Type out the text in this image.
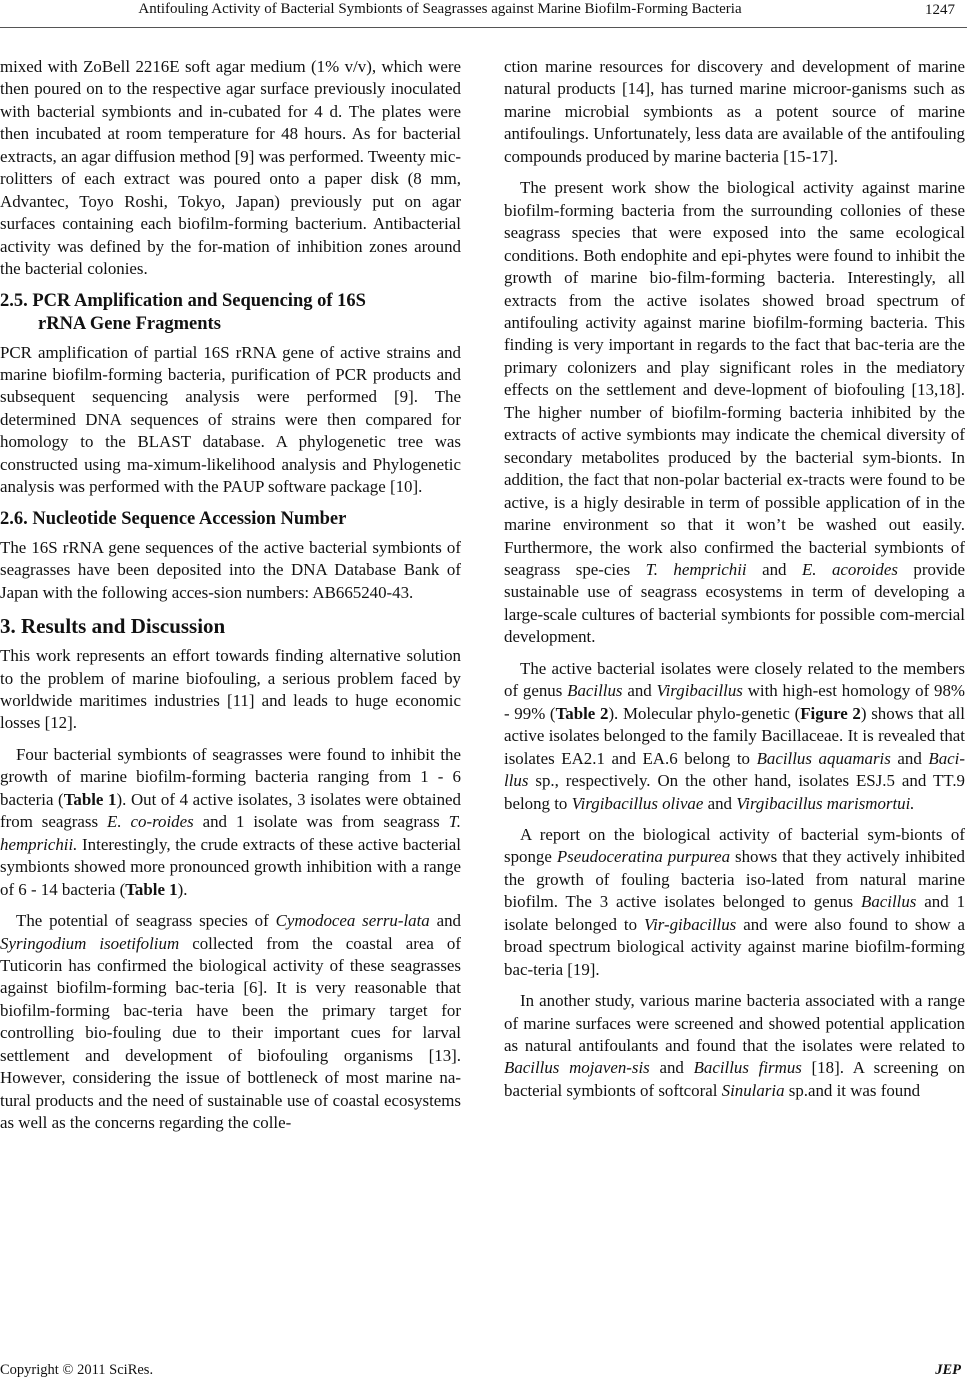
Antifouling Activity of Bacterial Symbionts of Seagrasses against Marine Biofilm-Forming Bacteria	1247

mixed with ZoBell 2216E soft agar medium (1% v/v), which were then poured on to the respective agar surface previously inoculated with bacterial symbionts and in-cubated for 4 d. The plates were then incubated at room temperature for 48 hours. As for bacterial extracts, an agar diffusion method [9] was performed. Tweenty mic-rolitters of each extract was poured onto a paper disk (8 mm, Advantec, Toyo Roshi, Tokyo, Japan) previously put on agar surfaces containing each biofilm-forming bacterium. Antibacterial activity was defined by the for-mation of inhibition zones around the bacterial colonies.

2.5. PCR Amplification and Sequencing of 16S
rRNA Gene Fragments

PCR amplification of partial 16S rRNA gene of active strains and marine biofilm-forming bacteria, purification of PCR products and subsequent sequencing analysis were performed [9]. The determined DNA sequences of strains were then compared for homology to the BLAST database. A phylogenetic tree was constructed using ma-ximum-likelihood analysis and Phylogenetic analysis was performed with the PAUP software package [10].

2.6. Nucleotide Sequence Accession Number

The 16S rRNA gene sequences of the active bacterial symbionts of seagrasses have been deposited into the DNA Database Bank of Japan with the following acces-sion numbers: AB665240-43.

3. Results and Discussion

This work represents an effort towards finding alternative solution to the problem of marine biofouling, a serious problem faced by worldwide maritimes industries [11] and leads to huge economic losses [12].

Four bacterial symbionts of seagrasses were found to inhibit the growth of marine biofilm-forming bacteria ranging from 1 - 6 bacteria (Table 1). Out of 4 active isolates, 3 isolates were obtained from seagrass E. co-roides and 1 isolate was from seagrass T. hemprichii. Interestingly, the crude extracts of these active bacterial symbionts showed more pronounced growth inhibition with a range of 6 - 14 bacteria (Table 1).

The potential of seagrass species of Cymodocea serru-lata and Syringodium isoetifolium collected from the coastal area of Tuticorin has confirmed the biological activity of these seagrasses against biofilm-forming bac-teria [6]. It is very reasonable that biofilm-forming bac-teria have been the primary target for controlling bio-fouling due to their important cues for larval settlement and development of biofouling organisms [13]. However, considering the issue of bottleneck of most marine na-tural products and the need of sustainable use of coastal ecosystems as well as the concerns regarding the colle-

ction marine resources for discovery and development of marine natural products [14], has turned marine microor-ganisms such as marine microbial symbionts as a potent source of marine antifoulings. Unfortunately, less data are available of the antifouling compounds produced by marine bacteria [15-17].

The present work show the biological activity against marine biofilm-forming bacteria from the surrounding collonies of these seagrass species that were exposed into the same ecological conditions. Both endophite and epi-phytes were found to inhibit the growth of marine bio-film-forming bacteria. Interestingly, all extracts from the active isolates showed broad spectrum of antifouling activity against marine biofilm-forming bacteria. This finding is very important in regards to the fact that bac-teria are the primary colonizers and play significant roles in the mediatory effects on the settlement and deve-lopment of biofouling [13,18]. The higher number of biofilm-forming bacteria inhibited by the extracts of active symbionts may indicate the chemical diversity of secondary metabolites produced by the bacterial sym-bionts. In addition, the fact that non-polar bacterial ex-tracts were found to be active, is a higly desirable in term of possible application of in the marine environment so that it won’t be washed out easily. Furthermore, the work also confirmed the bacterial symbionts of seagrass spe-cies T. hemprichii and E. acoroides provide sustainable use of seagrass ecosystems in term of developing a large-scale cultures of bacterial symbionts for possible com-mercial development.

The active bacterial isolates were closely related to the members of genus Bacillus and Virgibacillus with high-est homology of 98% - 99% (Table 2). Molecular phylo-genetic (Figure 2) shows that all active isolates belonged to the family Bacillaceae. It is revealed that isolates EA2.1 and EA.6 belong to Bacillus aquamaris and Baci-llus sp., respectively. On the other hand, isolates ESJ.5 and TT.9 belong to Virgibacillus olivae and Virgibacillus marismortui.

A report on the biological activity of bacterial sym-bionts of sponge Pseudoceratina purpurea shows that they actively inhibited the growth of fouling bacteria iso-lated from natural marine biofilm. The 3 active isolates belonged to genus Bacillus and 1 isolate belonged to Vir-gibacillus and were also found to show a broad spectrum biological activity against marine biofilm-forming bac-teria [19].

In another study, various marine bacteria associated with a range of marine surfaces were screened and showed potential application as natural antifoulants and found that the isolates were related to Bacillus mojaven-sis and Bacillus firmus [18]. A screening on bacterial symbionts of softcoral Sinularia sp.and it was found

Copyright © 2011 SciRes.	JEP
